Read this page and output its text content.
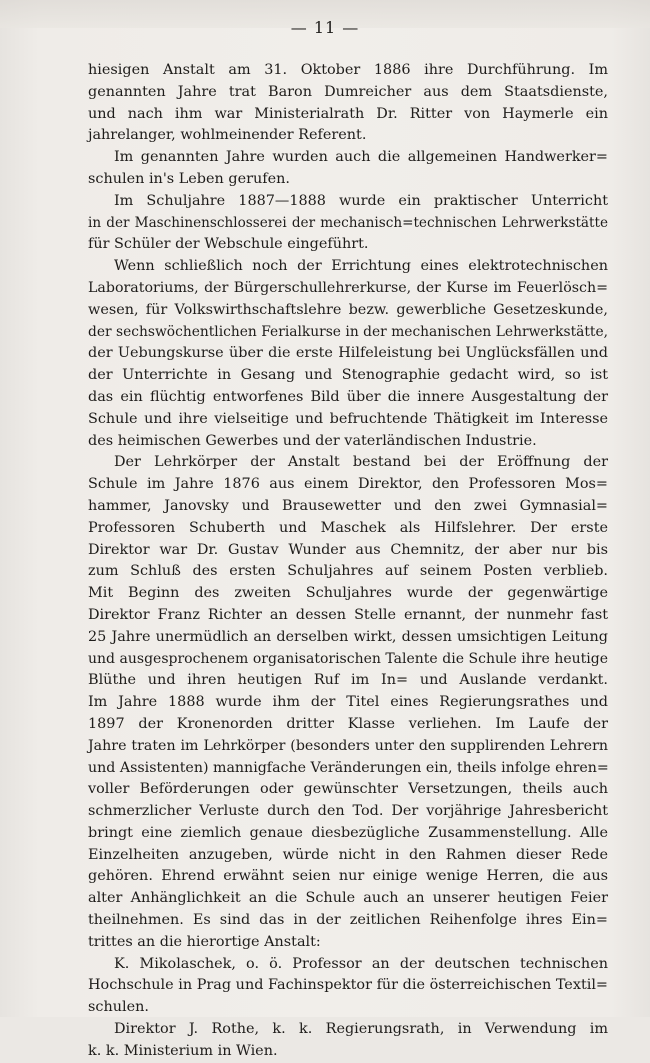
— 11 —
hiesigen Anstalt am 31. Oktober 1886 ihre Durchführung. Im
genannten Jahre trat Baron Dumreicher aus dem Staatsdienste,
und nach ihm war Ministerialrath Dr. Ritter von Haymerle ein
jahrelanger, wohlmeinender Referent.
Im genannten Jahre wurden auch die allgemeinen Handwerker=
schulen in's Leben gerufen.
Im Schuljahre 1887—1888 wurde ein praktischer Unterricht
in der Maschinenschlosserei der mechanisch=technischen Lehrwerkstätte
für Schüler der Webschule eingeführt.
Wenn schließlich noch der Errichtung eines elektrotechnischen
Laboratoriums, der Bürgerschullehrerkurse, der Kurse im Feuerlösch=
wesen, für Volkswirthschaftslehre bezw. gewerbliche Gesetzeskunde,
der sechswöchentlichen Ferialkurse in der mechanischen Lehrwerkstätte,
der Uebungskurse über die erste Hilfeleistung bei Unglücksfällen und
der Unterrichte in Gesang und Stenographie gedacht wird, so ist
das ein flüchtig entworfenes Bild über die innere Ausgestaltung der
Schule und ihre vielseitige und befruchtende Thätigkeit im Interesse
des heimischen Gewerbes und der vaterländischen Industrie.
Der Lehrkörper der Anstalt bestand bei der Eröffnung der
Schule im Jahre 1876 aus einem Direktor, den Professoren Mos=
hammer, Janovsky und Brausewetter und den zwei Gymnasial=
Professoren Schuberth und Maschek als Hilfslehrer. Der erste
Direktor war Dr. Gustav Wunder aus Chemnitz, der aber nur bis
zum Schluß des ersten Schuljahres auf seinem Posten verblieb.
Mit Beginn des zweiten Schuljahres wurde der gegenwärtige
Direktor Franz Richter an dessen Stelle ernannt, der nunmehr fast
25 Jahre unermüdlich an derselben wirkt, dessen umsichtigen Leitung
und ausgesprochenem organisatorischen Talente die Schule ihre heutige
Blüthe und ihren heutigen Ruf im In= und Auslande verdankt.
Im Jahre 1888 wurde ihm der Titel eines Regierungsrathes und
1897 der Kronenorden dritter Klasse verliehen. Im Laufe der
Jahre traten im Lehrkörper (besonders unter den supplirenden Lehrern
und Assistenten) mannigfache Veränderungen ein, theils infolge ehren=
voller Beförderungen oder gewünschter Versetzungen, theils auch
schmerzlicher Verluste durch den Tod. Der vorjährige Jahresbericht
bringt eine ziemlich genaue diesbezügliche Zusammenstellung. Alle
Einzelheiten anzugeben, würde nicht in den Rahmen dieser Rede
gehören. Ehrend erwähnt seien nur einige wenige Herren, die aus
alter Anhänglichkeit an die Schule auch an unserer heutigen Feier
theilnehmen. Es sind das in der zeitlichen Reihenfolge ihres Ein=
trittes an die hierortige Anstalt:
K. Mikolaschek, o. ö. Professor an der deutschen technischen
Hochschule in Prag und Fachinspektor für die österreichischen Textil=
schulen.
Direktor J. Rothe, k. k. Regierungsrath, in Verwendung im
k. k. Ministerium in Wien.
